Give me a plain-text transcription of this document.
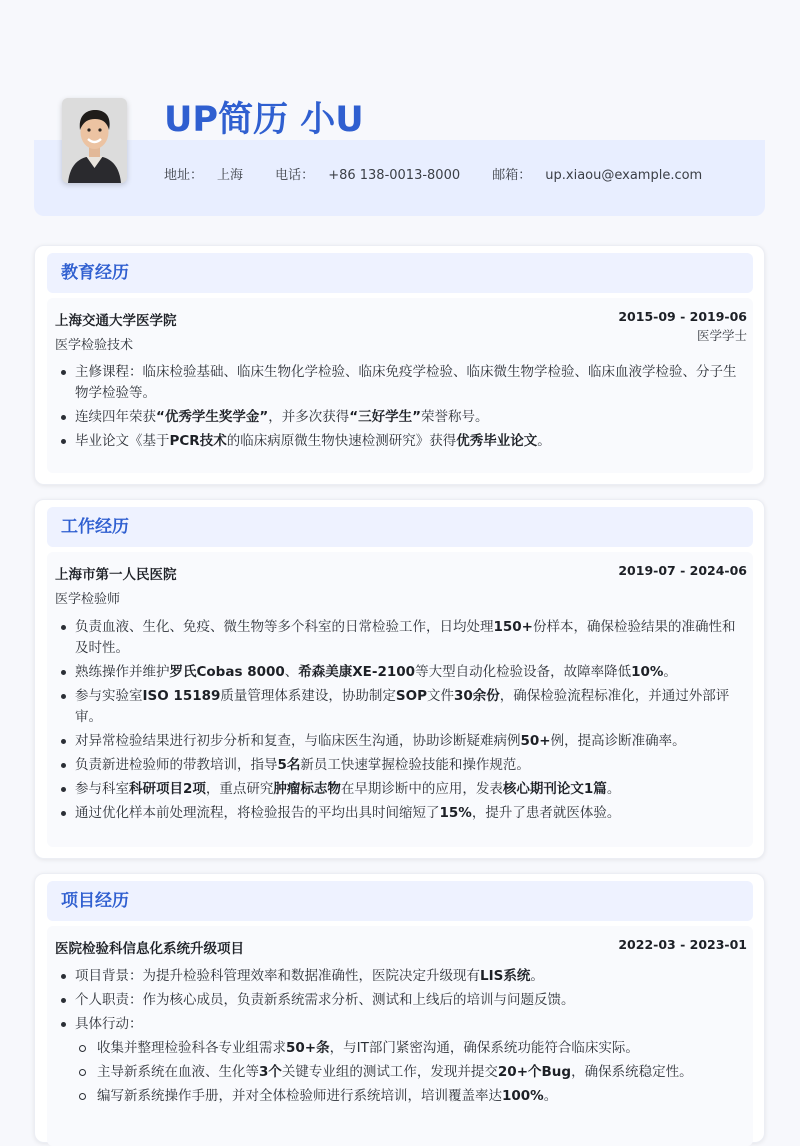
UP简历 小U
地址： 上海 电话： +86 138-0013-8000 邮箱： up.xiaou@example.com
教育经历
上海交通大学医学院	2015-09 - 2019-06
医学检验技术
医学学士
主修课程：临床检验基础、临床生物化学检验、临床免疫学检验、临床微生物学检验、临床血液学检验、分子生物学检验等。
连续四年荣获“优秀学生奖学金”，并多次获得“三好学生”荣誉称号。
毕业论文《基于PCR技术的临床病原微生物快速检测研究》获得优秀毕业论文。
工作经历
上海市第一人民医院	2019-07 - 2024-06
医学检验师
负责血液、生化、免疫、微生物等多个科室的日常检验工作，日均处理150+份样本，确保检验结果的准确性和及时性。
熟练操作并维护罗氏Cobas 8000、希森美康XE-2100等大型自动化检验设备，故障率降低10%。
参与实验室ISO 15189质量管理体系建设，协助制定SOP文件30余份，确保检验流程标准化，并通过外部评审。
对异常检验结果进行初步分析和复查，与临床医生沟通，协助诊断疑难病例50+例，提高诊断准确率。
负责新进检验师的带教培训，指导5名新员工快速掌握检验技能和操作规范。
参与科室科研项目2项，重点研究肿瘤标志物在早期诊断中的应用，发表核心期刊论文1篇。
通过优化样本前处理流程，将检验报告的平均出具时间缩短了15%，提升了患者就医体验。
项目经历
医院检验科信息化系统升级项目	2022-03 - 2023-01
项目背景：为提升检验科管理效率和数据准确性，医院决定升级现有LIS系统。
个人职责：作为核心成员，负责新系统需求分析、测试和上线后的培训与问题反馈。
具体行动：
收集并整理检验科各专业组需求50+条，与IT部门紧密沟通，确保系统功能符合临床实际。
主导新系统在血液、生化等3个关键专业组的测试工作，发现并提交20+个Bug，确保系统稳定性。
编写新系统操作手册，并对全体检验师进行系统培训，培训覆盖率达100%。
